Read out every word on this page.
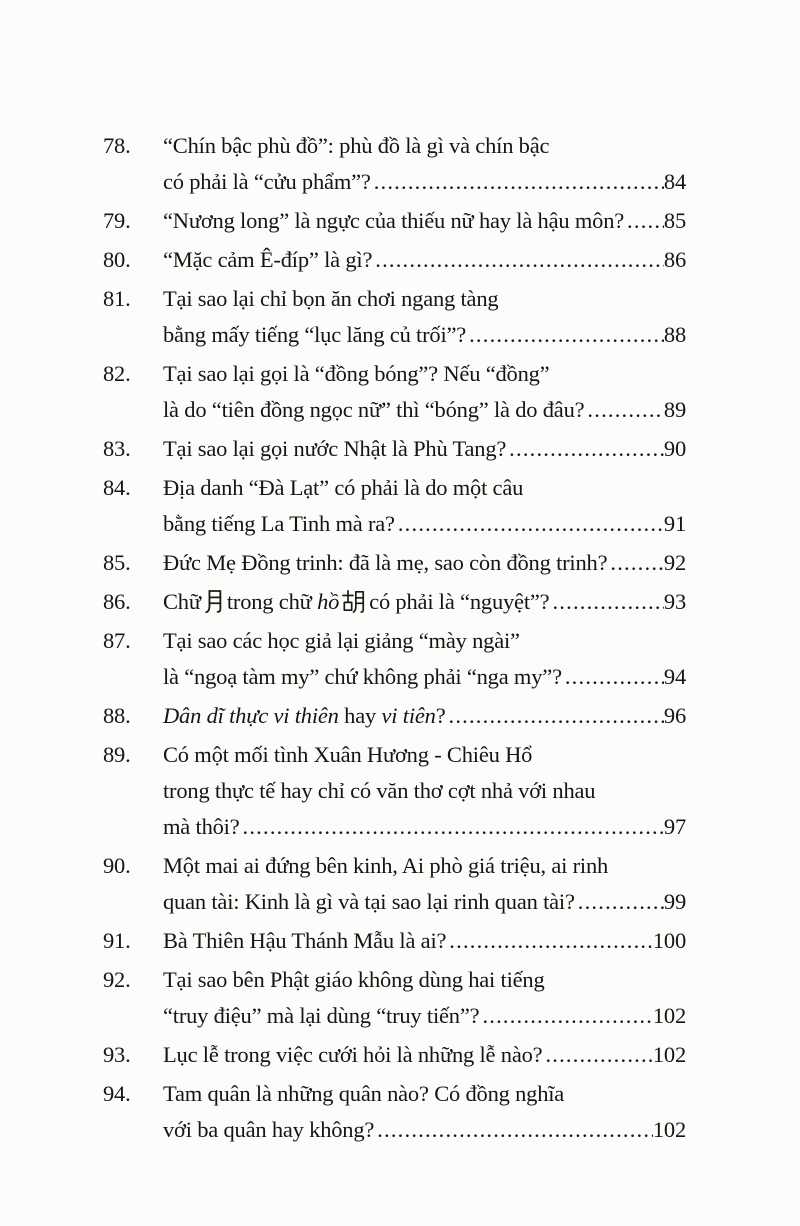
78.	“Chín bậc phù đồ”: phù đồ là gì và chín bậc
có phải là “cửu phẩm”? .....	84
79.	“Nương long” là ngực của thiếu nữ hay là hậu môn? ..... 85
80.	“Mặc cảm Ê-đíp” là gì? .....	86
81.	Tại sao lại chỉ bọn ăn chơi ngang tàng
bằng mấy tiếng “lục lăng củ trối”? .....	88
82.	Tại sao lại gọi là “đồng bóng”? Nếu “đồng”
là do “tiên đồng ngọc nữ” thì “bóng” là do đâu? .....	89
83.	Tại sao lại gọi nước Nhật là Phù Tang? .....	90
84.	Địa danh “Đà Lạt” có phải là do một câu
bằng tiếng La Tinh mà ra? .....	91
85.	Đức Mẹ Đồng trinh: đã là mẹ, sao còn đồng trinh? .....	92
86.	Chữ trong chữ hồ có phải là “nguyệt”? .....	93
87.	Tại sao các học giả lại giảng “mày ngài”
là “ngoạ tàm my” chứ không phải “nga my”? .....	94
88.	Dân dĩ thực vi thiên hay vi tiên? .....	96
89.	Có một mối tình Xuân Hương - Chiêu Hổ
trong thực tế hay chỉ có văn thơ cợt nhả với nhau
mà thôi? .....	97
90.	Một mai ai đứng bên kinh, Ai phò giá triệu, ai rinh
quan tài: Kinh là gì và tại sao lại rinh quan tài? .....	99
91.	Bà Thiên Hậu Thánh Mẫu là ai? .....	100
92.	Tại sao bên Phật giáo không dùng hai tiếng
“truy điệu” mà lại dùng “truy tiến”? .....	102
93.	Lục lễ trong việc cưới hỏi là những lễ nào? .....	102
94.	Tam quân là những quân nào? Có đồng nghĩa
với ba quân hay không? .....	102
